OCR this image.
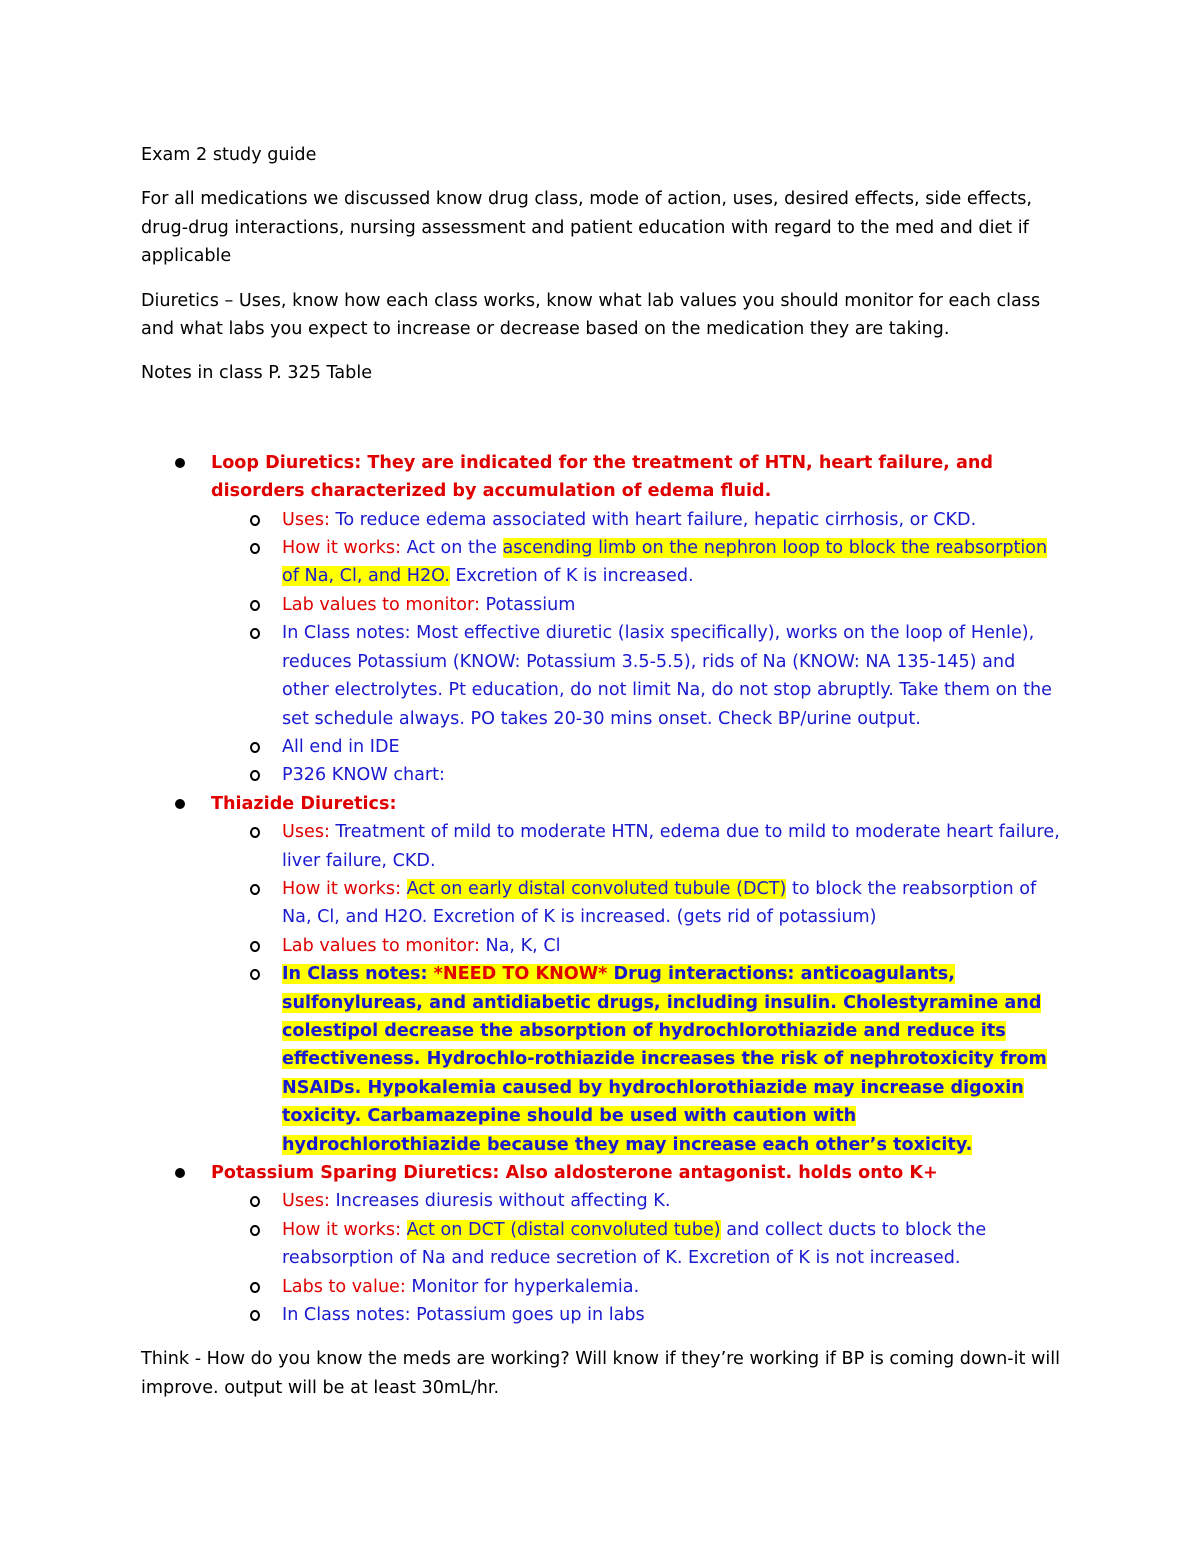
Exam 2 study guide

For all medications we discussed know drug class, mode of action, uses, desired effects, side effects, drug-drug interactions, nursing assessment and patient education with regard to the med and diet if applicable

Diuretics – Uses, know how each class works, know what lab values you should monitor for each class and what labs you expect to increase or decrease based on the medication they are taking.

Notes in class P. 325 Table

Loop Diuretics: They are indicated for the treatment of HTN, heart failure, and disorders characterized by accumulation of edema fluid.
Uses: To reduce edema associated with heart failure, hepatic cirrhosis, or CKD.
How it works: Act on the ascending limb on the nephron loop to block the reabsorption of Na, Cl, and H2O. Excretion of K is increased.
Lab values to monitor: Potassium
In Class notes: Most effective diuretic (lasix specifically), works on the loop of Henle), reduces Potassium (KNOW: Potassium 3.5-5.5), rids of Na (KNOW: NA 135-145) and other electrolytes. Pt education, do not limit Na, do not stop abruptly. Take them on the set schedule always. PO takes 20-30 mins onset. Check BP/urine output.
All end in IDE
P326 KNOW chart:
Thiazide Diuretics:
Uses: Treatment of mild to moderate HTN, edema due to mild to moderate heart failure, liver failure, CKD.
How it works: Act on early distal convoluted tubule (DCT) to block the reabsorption of Na, Cl, and H2O. Excretion of K is increased. (gets rid of potassium)
Lab values to monitor: Na, K, Cl
In Class notes: *NEED TO KNOW* Drug interactions: anticoagulants, sulfonylureas, and antidiabetic drugs, including insulin. Cholestyramine and colestipol decrease the absorption of hydrochlorothiazide and reduce its effectiveness. Hydrochlo-rothiazide increases the risk of nephrotoxicity from NSAIDs. Hypokalemia caused by hydrochlorothiazide may increase digoxin toxicity. Carbamazepine should be used with caution with hydrochlorothiazide because they may increase each other’s toxicity.
Potassium Sparing Diuretics: Also aldosterone antagonist. holds onto K+
Uses: Increases diuresis without affecting K.
How it works: Act on DCT (distal convoluted tube) and collect ducts to block the reabsorption of Na and reduce secretion of K. Excretion of K is not increased.
Labs to value: Monitor for hyperkalemia.
In Class notes: Potassium goes up in labs

Think - How do you know the meds are working? Will know if they’re working if BP is coming down-it will improve. output will be at least 30mL/hr.
